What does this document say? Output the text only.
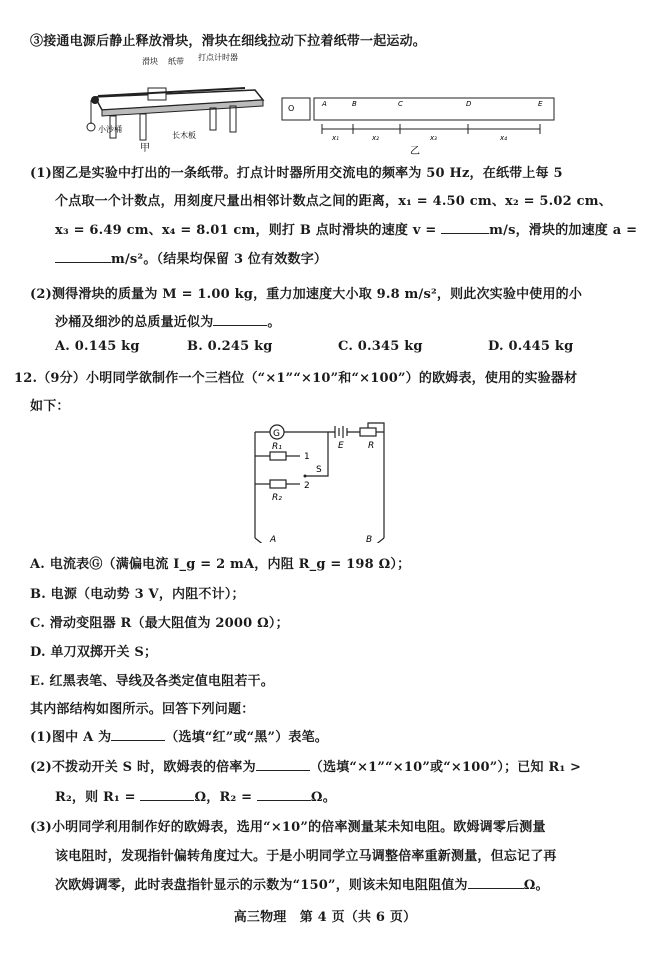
③接通电源后静止释放滑块，滑块在细线拉动下拉着纸带一起运动。
滑块 纸带 打点计时器
小沙桶
长木板
甲
O	A	B	C	D	E
x₁	x₂	x₃	x₄
乙
(1)图乙是实验中打出的一条纸带。打点计时器所用交流电的频率为 50 Hz，在纸带上每 5
个点取一个计数点，用刻度尺量出相邻计数点之间的距离，x₁ = 4.50 cm、x₂ = 5.02 cm、
x₃ = 6.49 cm、x₄ = 8.01 cm，则打 B 点时滑块的速度 v =	m/s，滑块的加速度 a =
m/s²。（结果均保留 3 位有效数字）
(2)测得滑块的质量为 M = 1.00 kg，重力加速度大小取 9.8 m/s²，则此次实验中使用的小
沙桶及细沙的总质量近似为	。
A. 0.145 kg	B. 0.245 kg	C. 0.345 kg	D. 0.445 kg
12.（9分）小明同学欲制作一个三档位（“×1”“×10”和“×100”）的欧姆表，使用的实验器材
如下：
G
E	R
R₁
R₂
1
2
S
A	B
A. 电流表Ⓖ（满偏电流 I_g = 2 mA，内阻 R_g = 198 Ω）；
B. 电源（电动势 3 V，内阻不计）；
C. 滑动变阻器 R（最大阻值为 2000 Ω）；
D. 单刀双掷开关 S；
E. 红黑表笔、导线及各类定值电阻若干。
其内部结构如图所示。回答下列问题：
(1)图中 A 为	（选填“红”或“黑”）表笔。
(2)不拨动开关 S 时，欧姆表的倍率为	（选填“×1”“×10”或“×100”）；已知 R₁ >
R₂，则 R₁ =	Ω，R₂ =	Ω。
(3)小明同学利用制作好的欧姆表，选用“×10”的倍率测量某未知电阻。欧姆调零后测量
该电阻时，发现指针偏转角度过大。于是小明同学立马调整倍率重新测量，但忘记了再
次欧姆调零，此时表盘指针显示的示数为“150”，则该未知电阻阻值为	Ω。
高三物理　第 4 页（共 6 页）
